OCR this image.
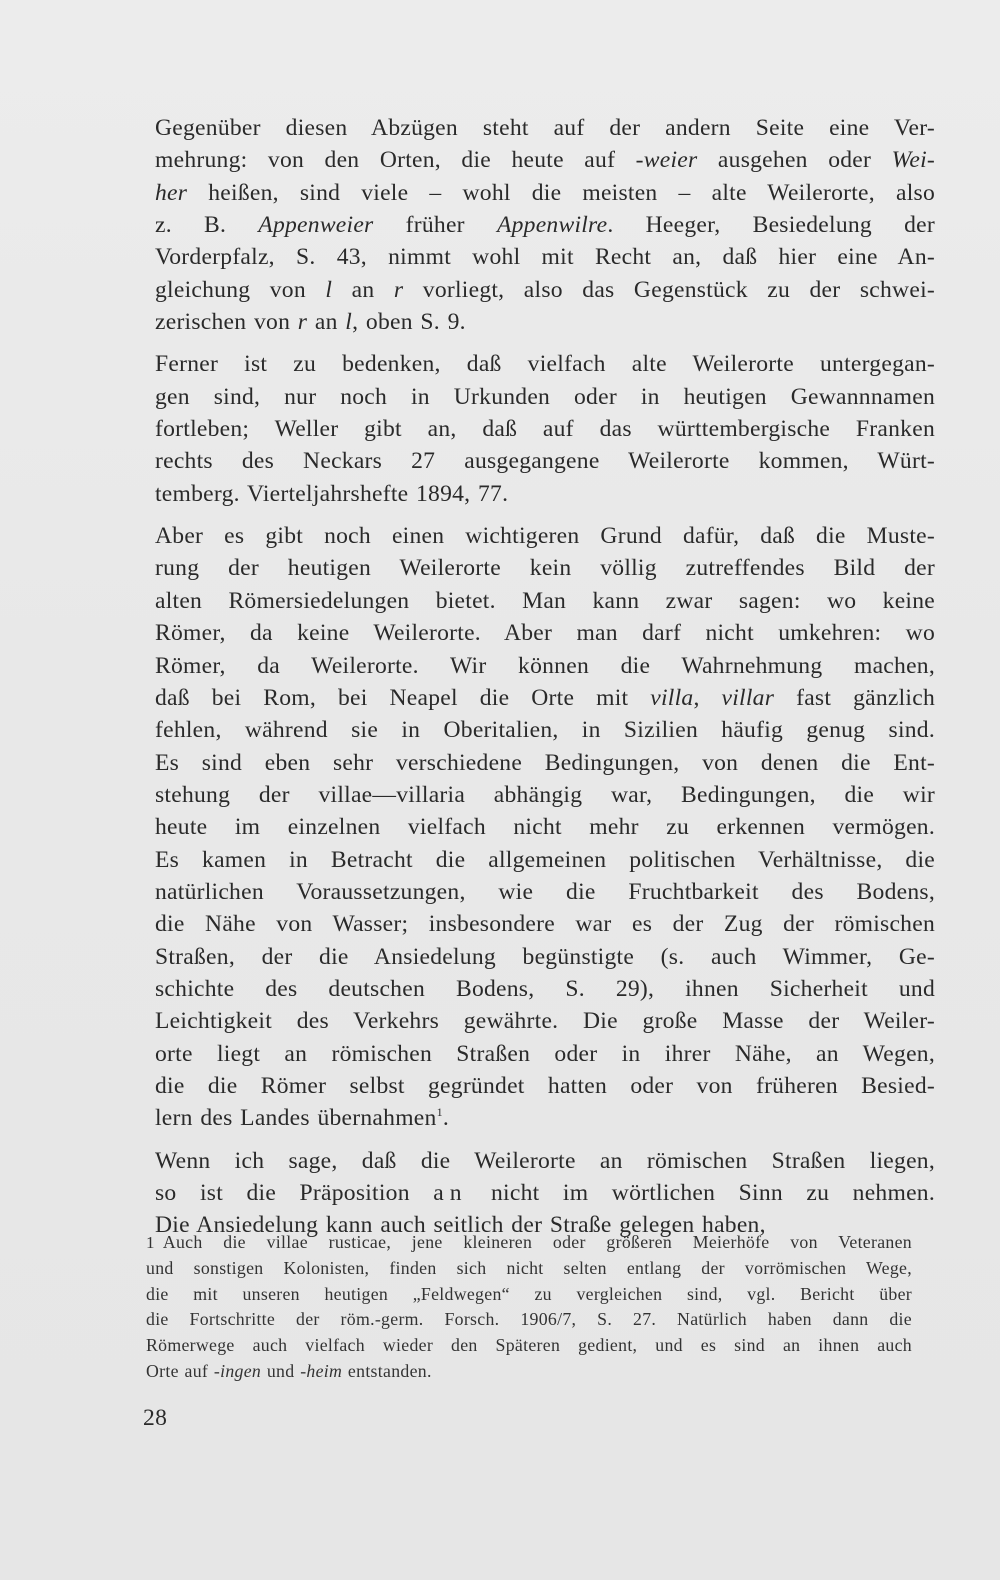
Gegenüber diesen Abzügen steht auf der andern Seite eine Ver-
mehrung: von den Orten, die heute auf -weier ausgehen oder Wei-
her heißen, sind viele – wohl die meisten – alte Weilerorte, also
z. B. Appenweier früher Appenwilre. Heeger, Besiedelung der
Vorderpfalz, S. 43, nimmt wohl mit Recht an, daß hier eine An-
gleichung von l an r vorliegt, also das Gegenstück zu der schwei-
zerischen von r an l, oben S. 9.

Ferner ist zu bedenken, daß vielfach alte Weilerorte untergegan-
gen sind, nur noch in Urkunden oder in heutigen Gewannnamen
fortleben; Weller gibt an, daß auf das württembergische Franken
rechts des Neckars 27 ausgegangene Weilerorte kommen, Würt-
temberg. Vierteljahrshefte 1894, 77.

Aber es gibt noch einen wichtigeren Grund dafür, daß die Muste-
rung der heutigen Weilerorte kein völlig zutreffendes Bild der
alten Römersiedelungen bietet. Man kann zwar sagen: wo keine
Römer, da keine Weilerorte. Aber man darf nicht umkehren: wo
Römer, da Weilerorte. Wir können die Wahrnehmung machen,
daß bei Rom, bei Neapel die Orte mit villa, villar fast gänzlich
fehlen, während sie in Oberitalien, in Sizilien häufig genug sind.
Es sind eben sehr verschiedene Bedingungen, von denen die Ent-
stehung der villae—villaria abhängig war, Bedingungen, die wir
heute im einzelnen vielfach nicht mehr zu erkennen vermögen.
Es kamen in Betracht die allgemeinen politischen Verhältnisse, die
natürlichen Voraussetzungen, wie die Fruchtbarkeit des Bodens,
die Nähe von Wasser; insbesondere war es der Zug der römischen
Straßen, der die Ansiedelung begünstigte (s. auch Wimmer, Ge-
schichte des deutschen Bodens, S. 29), ihnen Sicherheit und
Leichtigkeit des Verkehrs gewährte. Die große Masse der Weiler-
orte liegt an römischen Straßen oder in ihrer Nähe, an Wegen,
die die Römer selbst gegründet hatten oder von früheren Besied-
lern des Landes übernahmen$^1$.

Wenn ich sage, daß die Weilerorte an römischen Straßen liegen,
so ist die Präposition an nicht im wörtlichen Sinn zu nehmen.
Die Ansiedelung kann auch seitlich der Straße gelegen haben,

1 Auch die villae rusticae, jene kleineren oder größeren Meierhöfe von Veteranen
und sonstigen Kolonisten, finden sich nicht selten entlang der vorrömischen Wege,
die mit unseren heutigen „Feldwegen“ zu vergleichen sind, vgl. Bericht über
die Fortschritte der röm.-germ. Forsch. 1906/7, S. 27. Natürlich haben dann die
Römerwege auch vielfach wieder den Späteren gedient, und es sind an ihnen auch
Orte auf -ingen und -heim entstanden.
28
